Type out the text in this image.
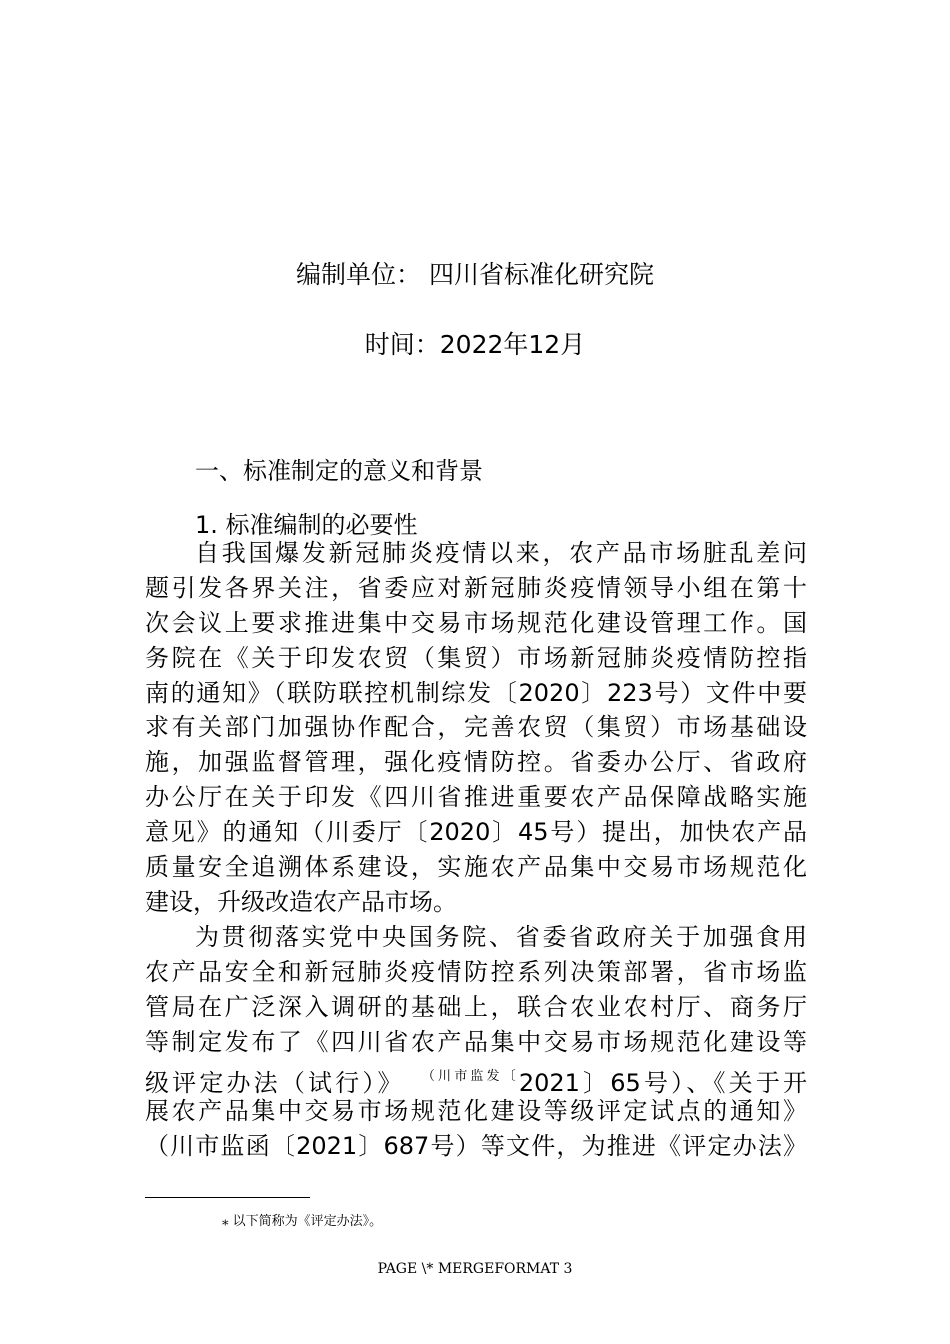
编制单位： 四川省标准化研究院
时间：2022年12月
一、标准制定的意义和背景
1. 标准编制的必要性
自我国爆发新冠肺炎疫情以来，农产品市场脏乱差问
题引发各界关注，省委应对新冠肺炎疫情领导小组在第十
次会议上要求推进集中交易市场规范化建设管理工作。国
务院在《关于印发农贸（集贸）市场新冠肺炎疫情防控指
南的通知》（联防联控机制综发〔2020〕223号）文件中要
求有关部门加强协作配合，完善农贸（集贸）市场基础设
施，加强监督管理，强化疫情防控。省委办公厅、省政府
办公厅在关于印发《四川省推进重要农产品保障战略实施
意见》的通知（川委厅〔2020〕45号）提出，加快农产品
质量安全追溯体系建设，实施农产品集中交易市场规范化
建设，升级改造农产品市场。
为贯彻落实党中央国务院、省委省政府关于加强食用
农产品安全和新冠肺炎疫情防控系列决策部署，省市场监
管局在广泛深入调研的基础上，联合农业农村厅、商务厅
等制定发布了《四川省农产品集中交易市场规范化建设等
级评定办法（试行）》 $^{(川市监发〔}$2021〕65号）、《关于开
展农产品集中交易市场规范化建设等级评定试点的通知》
（川市监函〔2021〕687号）等文件，为推进《评定办法》
⁎ 以下简称为《评定办法》。
PAGE \* MERGEFORMAT 3
